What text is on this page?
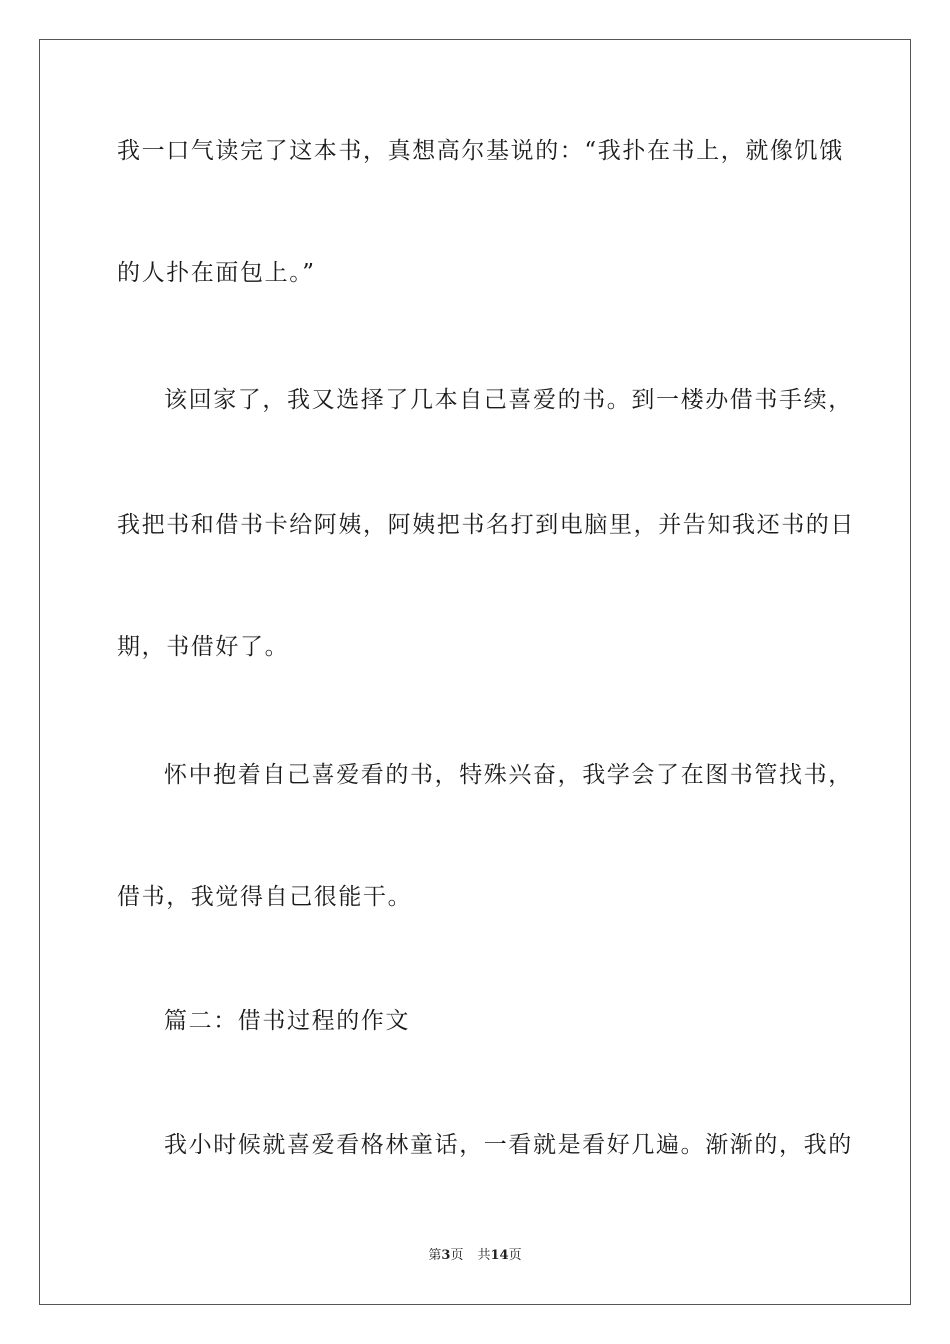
我一口气读完了这本书，真想高尔基说的：“我扑在书上，就像饥饿
的人扑在面包上。”
该回家了，我又选择了几本自己喜爱的书。到一楼办借书手续，
我把书和借书卡给阿姨，阿姨把书名打到电脑里，并告知我还书的日
期，书借好了。
怀中抱着自己喜爱看的书，特殊兴奋，我学会了在图书管找书，
借书，我觉得自己很能干。
篇二：借书过程的作文
我小时候就喜爱看格林童话，一看就是看好几遍。渐渐的，我的
第3页 共14页
